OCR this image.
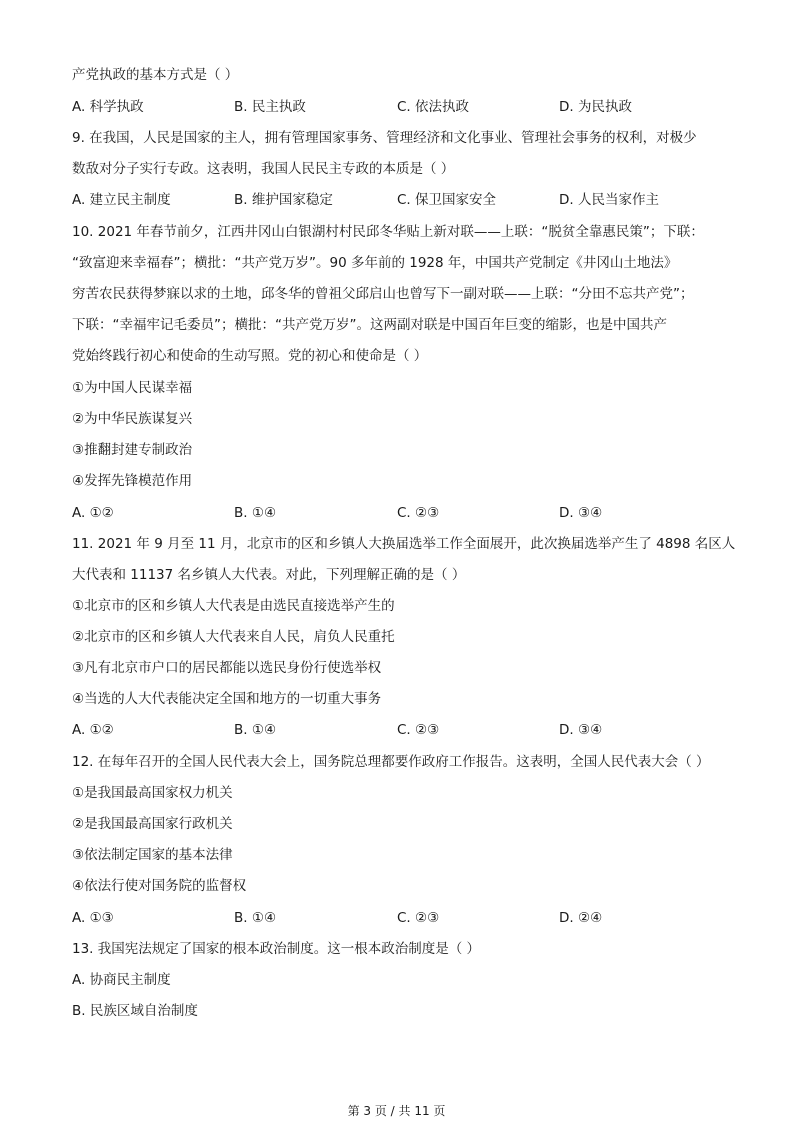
产党执政的基本方式是（ ）
A. 科学执政	B. 民主执政	C. 依法执政	D. 为民执政
9. 在我国，人民是国家的主人，拥有管理国家事务、管理经济和文化事业、管理社会事务的权利，对极少
数敌对分子实行专政。这表明，我国人民民主专政的本质是（ ）
A. 建立民主制度	B. 维护国家稳定	C. 保卫国家安全	D. 人民当家作主
10. 2021 年春节前夕，江西井冈山白银湖村村民邱冬华贴上新对联——上联：“脱贫全靠惠民策”；下联：
“致富迎来幸福春”；横批：“共产党万岁”。90 多年前的 1928 年，中国共产党制定《井冈山土地法》
穷苦农民获得梦寐以求的土地，邱冬华的曾祖父邱启山也曾写下一副对联——上联：“分田不忘共产党”；
下联：“幸福牢记毛委员”；横批：“共产党万岁”。这两副对联是中国百年巨变的缩影，也是中国共产
党始终践行初心和使命的生动写照。党的初心和使命是（ ）
①为中国人民谋幸福
②为中华民族谋复兴
③推翻封建专制政治
④发挥先锋模范作用
A. ①②	B. ①④	C. ②③	D. ③④
11. 2021 年 9 月至 11 月，北京市的区和乡镇人大换届选举工作全面展开，此次换届选举产生了 4898 名区人
大代表和 11137 名乡镇人大代表。对此，下列理解正确的是（ ）
①北京市的区和乡镇人大代表是由选民直接选举产生的
②北京市的区和乡镇人大代表来自人民，肩负人民重托
③凡有北京市户口的居民都能以选民身份行使选举权
④当选的人大代表能决定全国和地方的一切重大事务
A. ①②	B. ①④	C. ②③	D. ③④
12. 在每年召开的全国人民代表大会上，国务院总理都要作政府工作报告。这表明，全国人民代表大会（ ）
①是我国最高国家权力机关
②是我国最高国家行政机关
③依法制定国家的基本法律
④依法行使对国务院的监督权
A. ①③	B. ①④	C. ②③	D. ②④
13. 我国宪法规定了国家的根本政治制度。这一根本政治制度是（ ）
A. 协商民主制度
B. 民族区域自治制度
第 3 页 / 共 11 页
